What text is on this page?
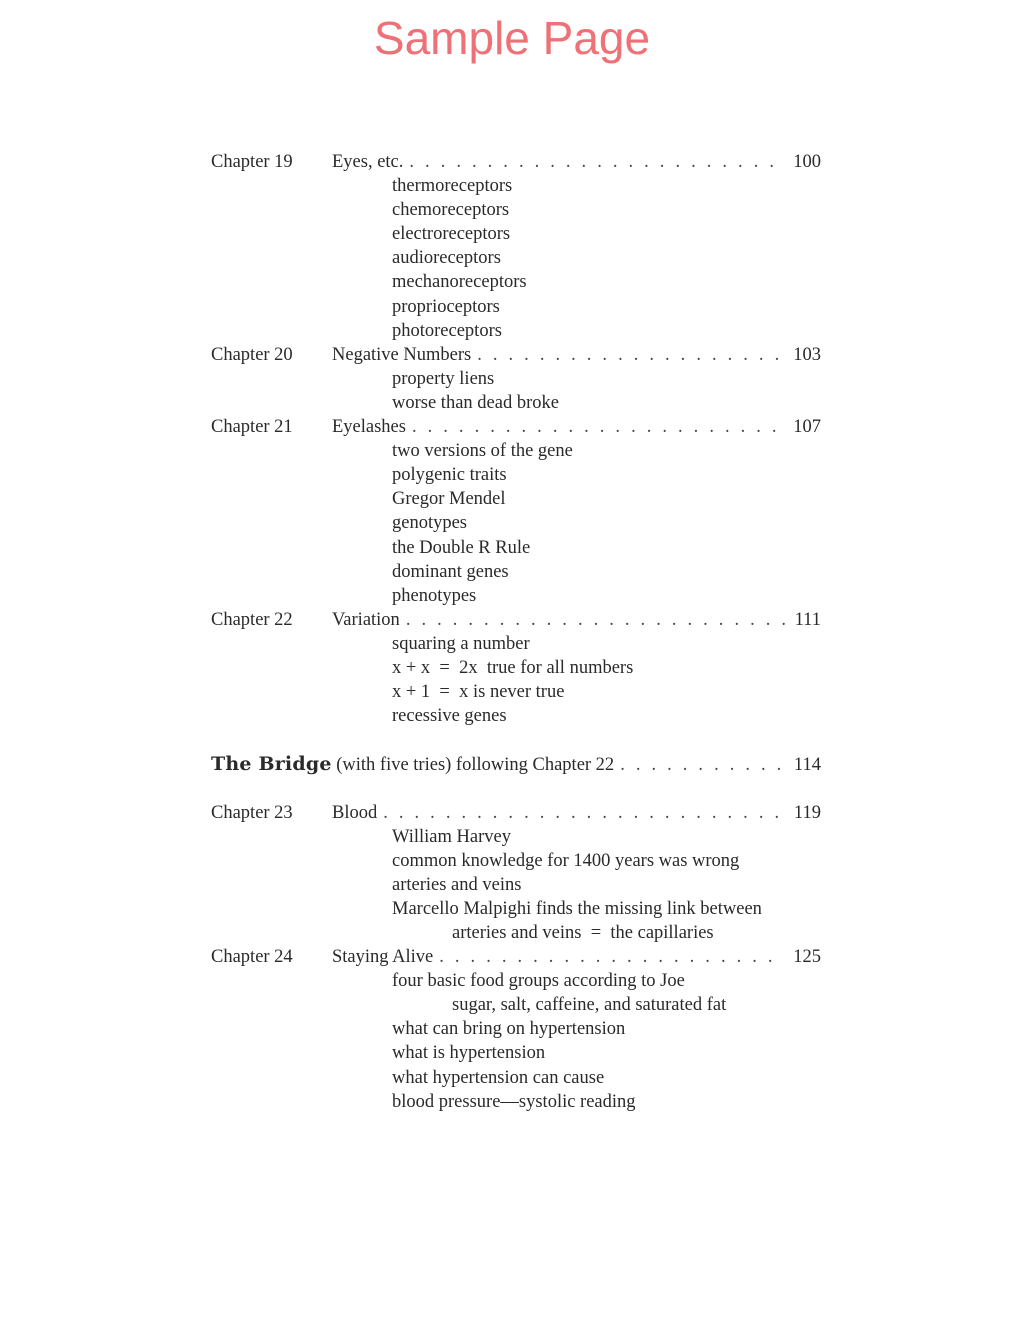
Sample Page
Chapter 19 Eyes, etc. . . .	100
thermoreceptors
chemoreceptors
electroreceptors
audioreceptors
mechanoreceptors
proprioceptors
photoreceptors
Chapter 20 Negative Numbers . . .	103
property liens
worse than dead broke
Chapter 21 Eyelashes . . .	107
two versions of the gene
polygenic traits
Gregor Mendel
genotypes
the Double R Rule
dominant genes
phenotypes
Chapter 22 Variation . . .	111
squaring a number
x + x  =  2x  true for all numbers
x + 1  =  x is never true
recessive genes
The Bridge (with five tries) following Chapter 22 . . .	114
Chapter 23 Blood . . .	119
William Harvey
common knowledge for 1400 years was wrong
arteries and veins
Marcello Malpighi finds the missing link between
arteries and veins  =  the capillaries
Chapter 24 Staying Alive . . .	125
four basic food groups according to Joe
sugar, salt, caffeine, and saturated fat
what can bring on hypertension
what is hypertension
what hypertension can cause
blood pressure—systolic reading
